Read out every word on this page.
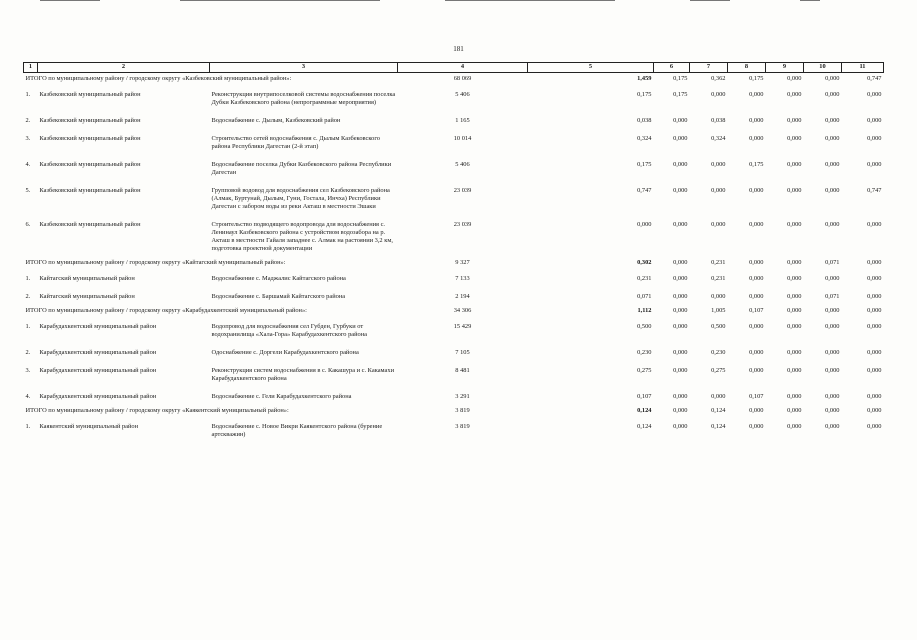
181
1	2	3	4	5	6	7	8	9	10	11
ИТОГО по муниципальному району / городскому округу «Казбековский муниципальный район»:			68 069	1,459	0,175	0,362	0,175	0,000	0,000	0,747
1.	Казбековский муниципальный район	Реконструкция внутрипоселковой системы водоснабжения поселка Дубки Казбековского района (непрограммные мероприятия)	5 406	0,175	0,175	0,000	0,000	0,000	0,000	0,000
2.	Казбековский муниципальный район	Водоснабжение с. Дылым, Казбековский район	1 165	0,038	0,000	0,038	0,000	0,000	0,000	0,000
3.	Казбековский муниципальный район	Строительство сетей водоснабжения с. Дылым Казбековского района Республики Дагестан (2-й этап)	10 014	0,324	0,000	0,324	0,000	0,000	0,000	0,000
4.	Казбековский муниципальный район	Водоснабжение поселка Дубки Казбековского района Республики Дагестан	5 406	0,175	0,000	0,000	0,175	0,000	0,000	0,000
5.	Казбековский муниципальный район	Групповой водовод для водоснабжения сел Казбековского района (Алмак, Буртунай, Дылым, Гуни, Гостала, Инчха) Республики Дагестан с забором воды из реки Акташ в местности Эшаки	23 039	0,747	0,000	0,000	0,000	0,000	0,000	0,747
6.	Казбековский муниципальный район	Строительство подводящего водопровода для водоснабжения с. Ленинаул Казбековского района с устройством водозабора на р. Акташ в местности Гайаля западнее с. Алмак на растоянии 3,2 км, подготовка проектной документации	23 039	0,000	0,000	0,000	0,000	0,000	0,000	0,000
ИТОГО по муниципальному району / городскому округу «Кайтагский муниципальный район»:			9 327	0,302	0,000	0,231	0,000	0,000	0,071	0,000
1.	Кайтагский муниципальный район	Водоснабжение с. Маджалис Кайтагского района	7 133	0,231	0,000	0,231	0,000	0,000	0,000	0,000
2.	Кайтагский муниципальный район	Водоснабжение с. Баршамай Кайтагского района	2 194	0,071	0,000	0,000	0,000	0,000	0,071	0,000
ИТОГО по муниципальному району / городскому округу «Карабудахкентский муниципальный район»:			34 306	1,112	0,000	1,005	0,107	0,000	0,000	0,000
1.	Карабудахкентский муниципальный район	Водопровод для водоснабжения сел Губден, Гурбуки от водохранилища «Хала-Гора» Карабудахкентского района	15 429	0,500	0,000	0,500	0,000	0,000	0,000	0,000
2.	Карабудахкентский муниципальный район	Одоснабжение с. Доргели Карабудахкентского района	7 105	0,230	0,000	0,230	0,000	0,000	0,000	0,000
3.	Карабудахкентский муниципальный район	Реконструкция систем водоснабжения в с. Какашура и с. Какамахи Карабудахкентского района	8 481	0,275	0,000	0,275	0,000	0,000	0,000	0,000
4.	Карабудахкентский муниципальный район	Водоснабжение с. Гели Карабудахкентского района	3 291	0,107	0,000	0,000	0,107	0,000	0,000	0,000
ИТОГО по муниципальному району / городскому округу «Каякентский муниципальный район»:			3 819	0,124	0,000	0,124	0,000	0,000	0,000	0,000
1.	Каякентский муниципальный район	Водоснабжение с. Новое Викри Каякентского района (бурение артскважин)	3 819	0,124	0,000	0,124	0,000	0,000	0,000	0,000
